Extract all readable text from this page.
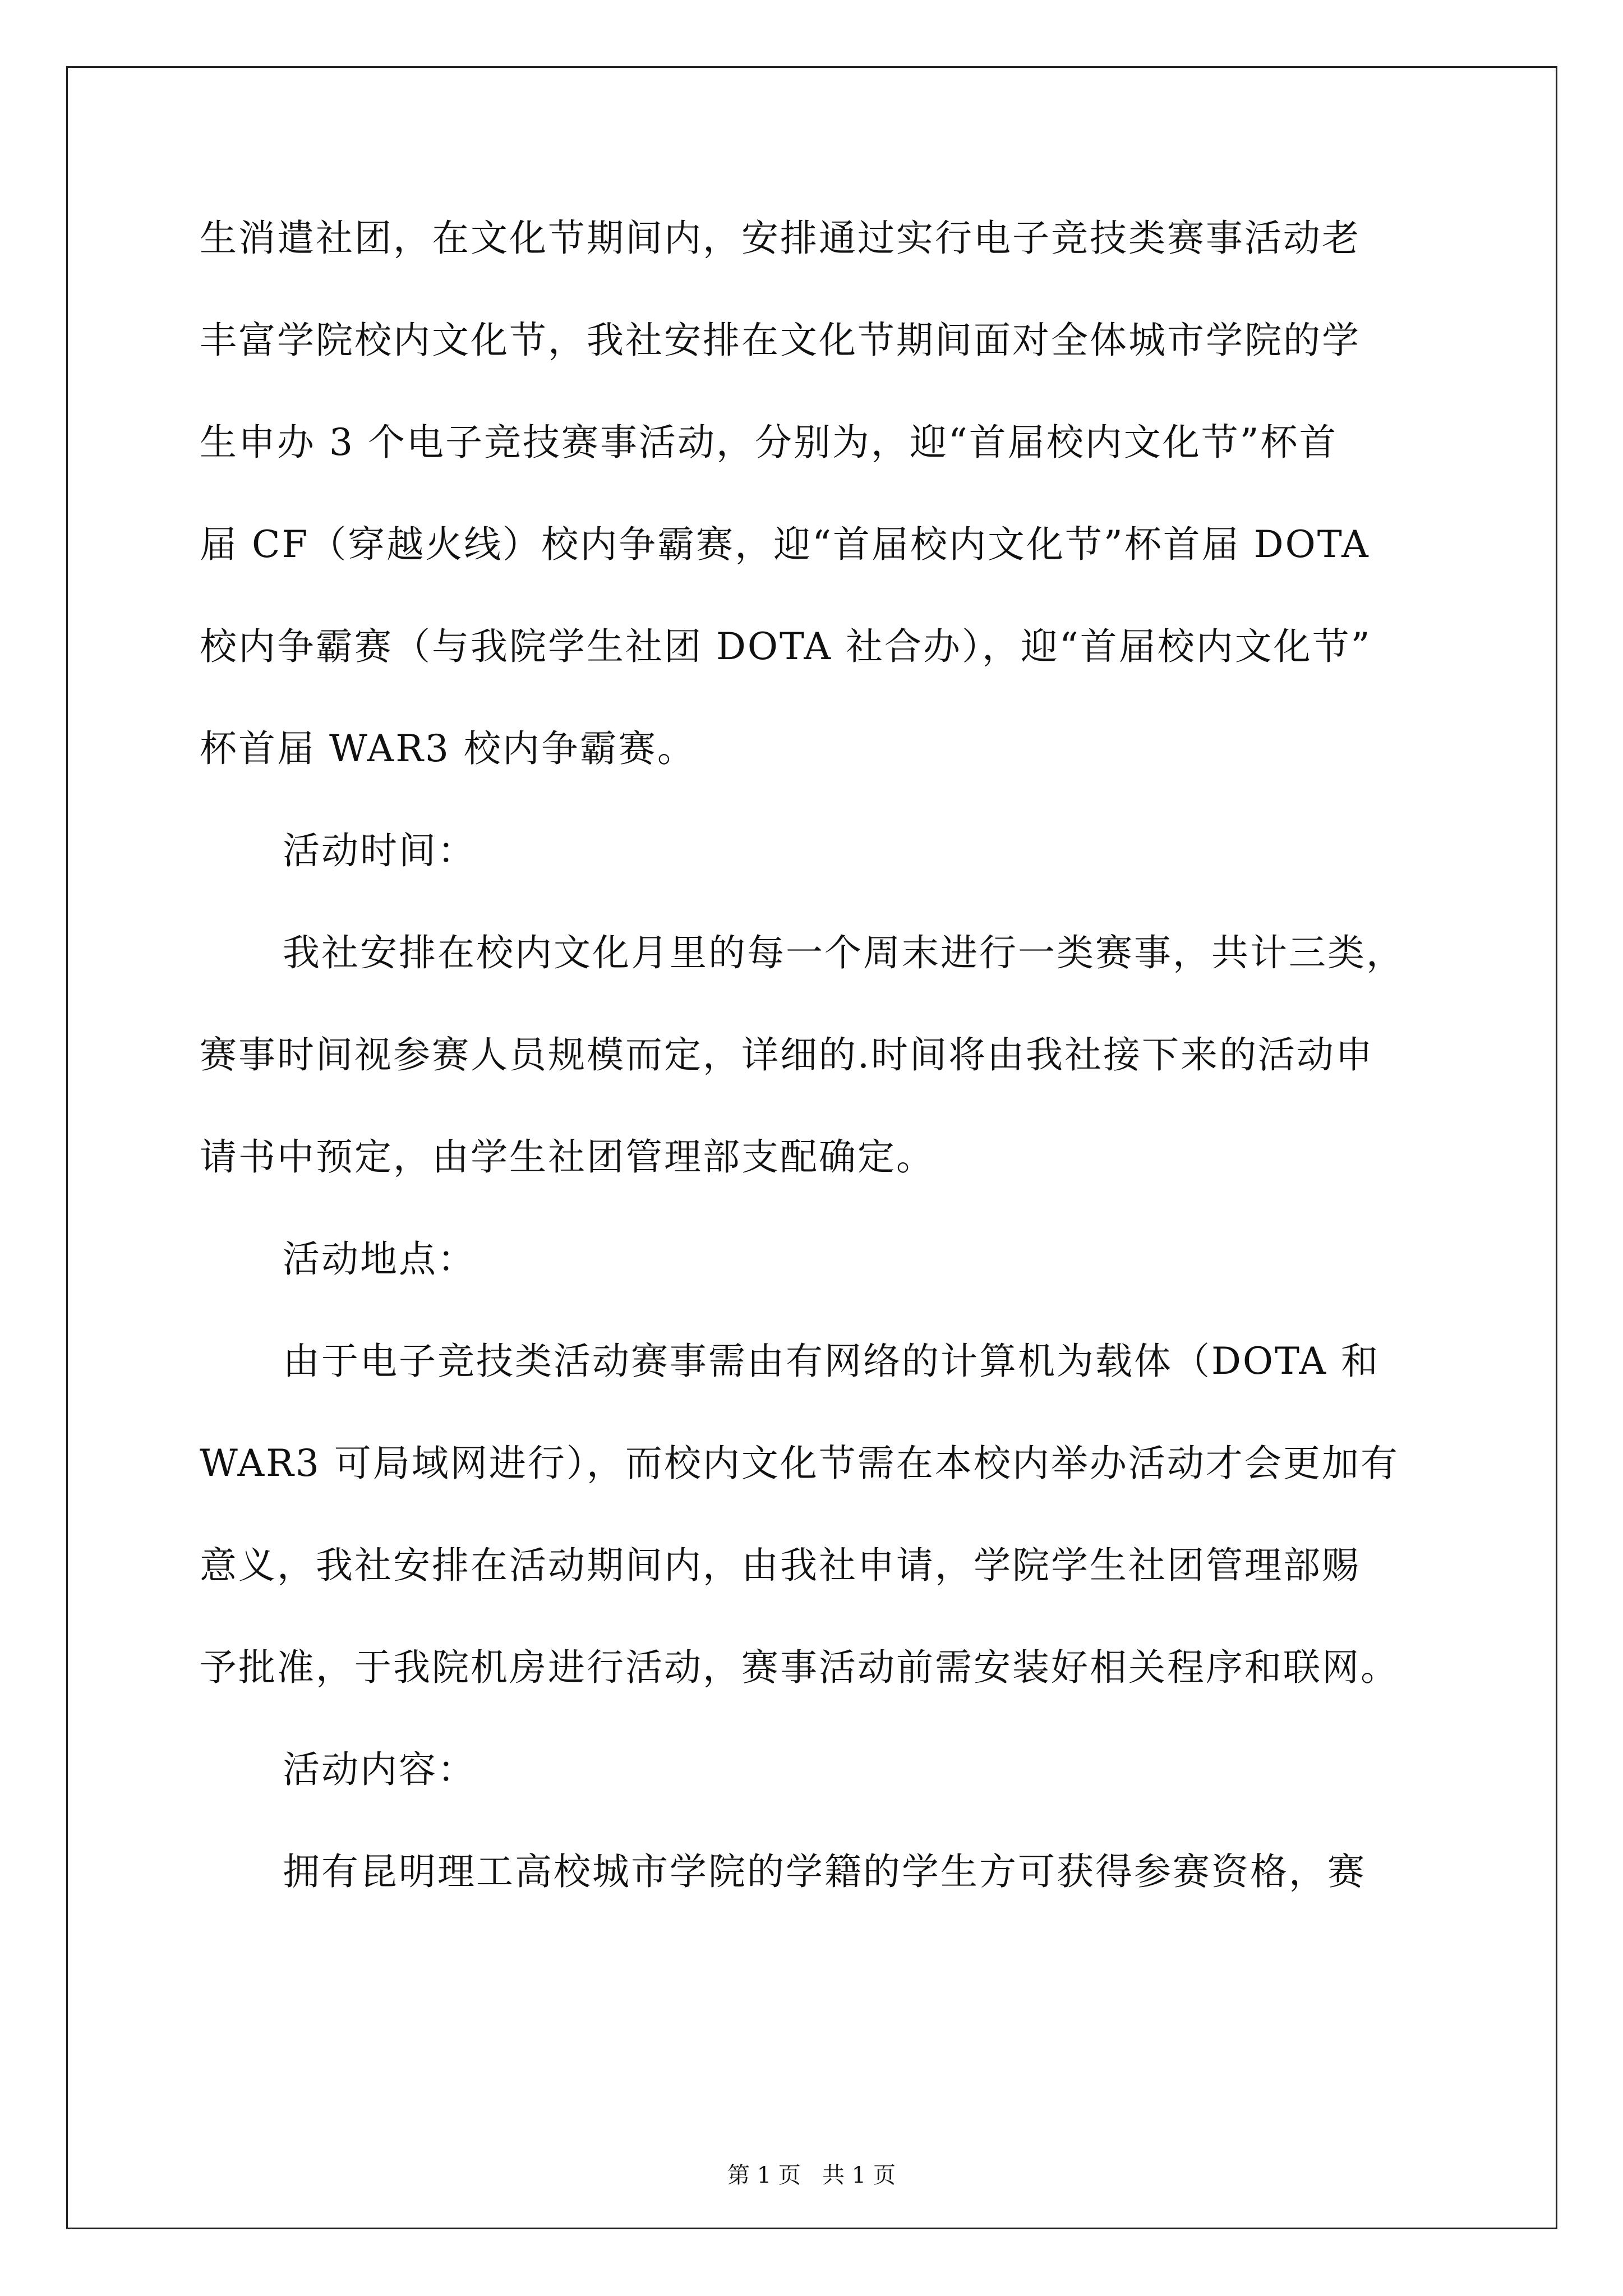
生消遣社团，在文化节期间内，安排通过实行电子竞技类赛事活动老
丰富学院校内文化节，我社安排在文化节期间面对全体城市学院的学
生申办 3 个电子竞技赛事活动，分别为，迎“首届校内文化节”杯首
届 CF（穿越火线）校内争霸赛，迎“首届校内文化节”杯首届 DOTA
校内争霸赛（与我院学生社团 DOTA 社合办），迎“首届校内文化节”
杯首届 WAR3 校内争霸赛。
活动时间：
我社安排在校内文化月里的每一个周末进行一类赛事，共计三类，
赛事时间视参赛人员规模而定，详细的.时间将由我社接下来的活动申
请书中预定，由学生社团管理部支配确定。
活动地点：
由于电子竞技类活动赛事需由有网络的计算机为载体（DOTA 和
WAR3 可局域网进行），而校内文化节需在本校内举办活动才会更加有
意义，我社安排在活动期间内，由我社申请，学院学生社团管理部赐
予批准，于我院机房进行活动，赛事活动前需安装好相关程序和联网。
活动内容：
拥有昆明理工高校城市学院的学籍的学生方可获得参赛资格，赛
第 1 页   共 1 页
